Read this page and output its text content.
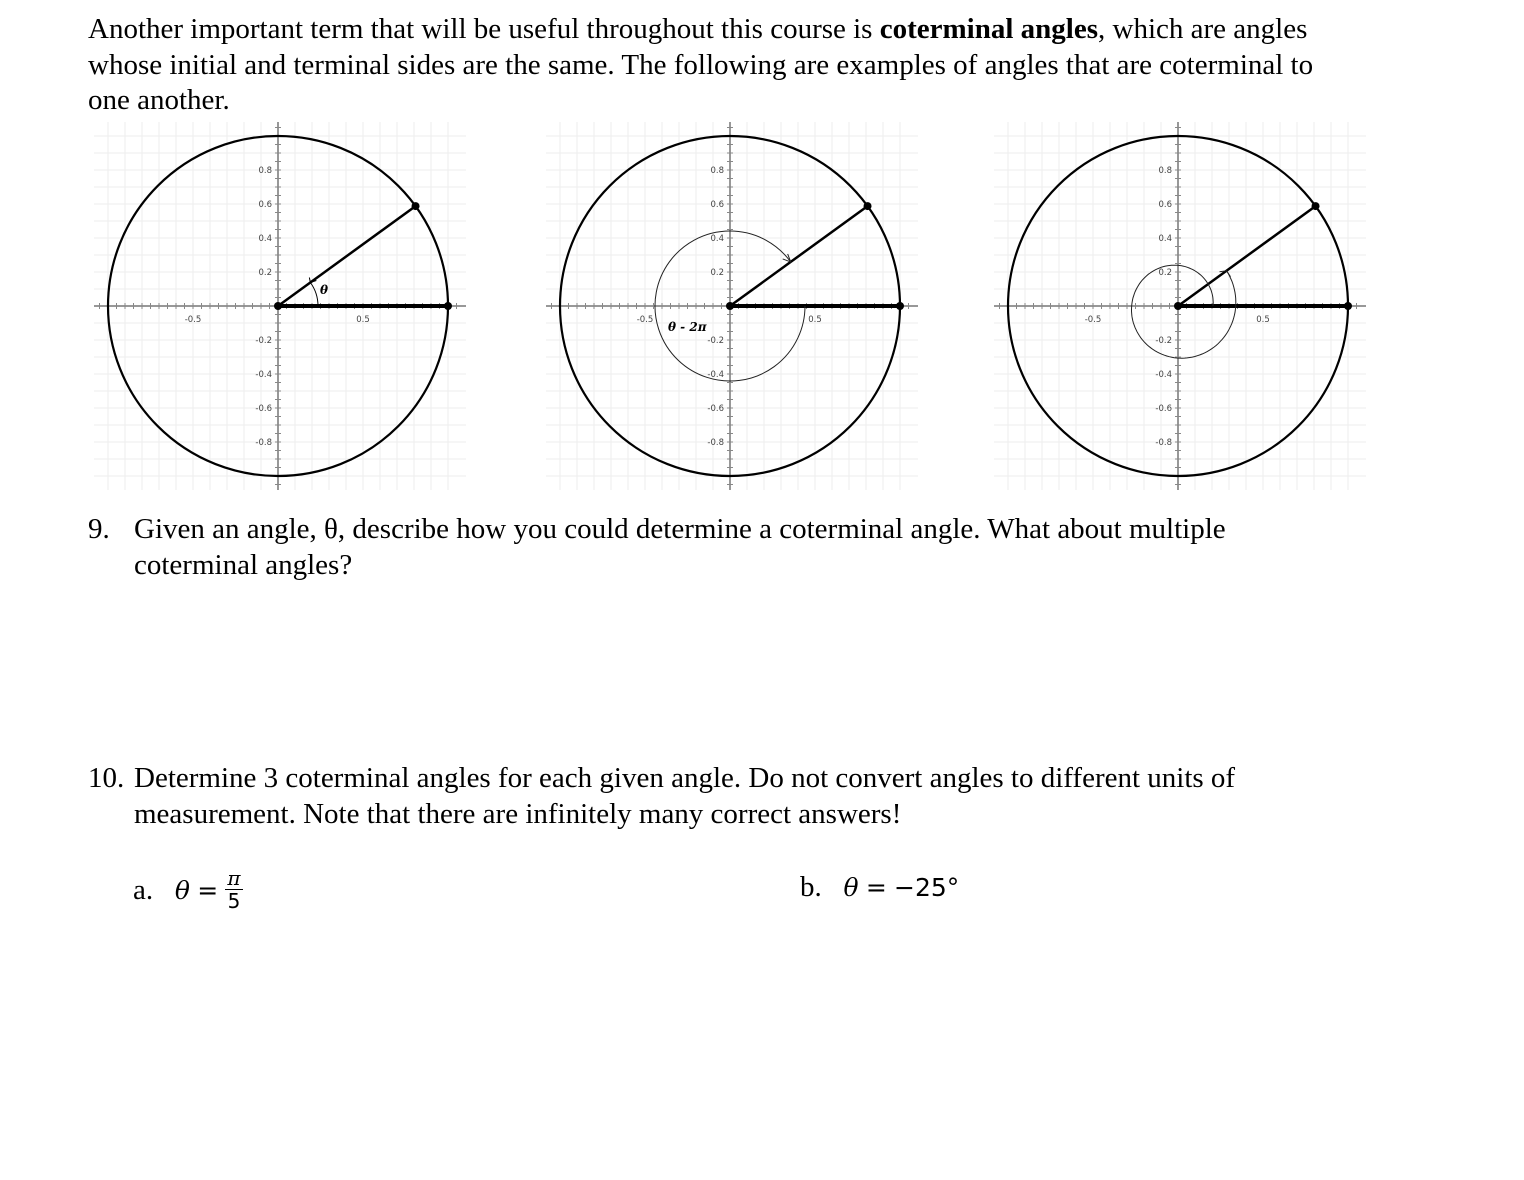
Another important term that will be useful throughout this course is coterminal angles, which are angles whose initial and terminal sides are the same. The following are examples of angles that are coterminal to one another.
0.8
0.6
0.4
0.2
-0.2
-0.4
-0.6
-0.8
-0.5	0.5
θ
0.8
0.6
0.4
0.2
-0.2
-0.4
-0.6
-0.8
-0.5	0.5
θ - 2π
0.8
0.6
0.4
0.2
-0.2
-0.4
-0.6
-0.8
-0.5	0.5
9. Given an angle, θ, describe how you could determine a coterminal angle. What about multiple coterminal angles?
10. Determine 3 coterminal angles for each given angle. Do not convert angles to different units of measurement. Note that there are infinitely many correct answers!
a. $\theta = \frac{\pi}{5}$	b. θ = −25°
